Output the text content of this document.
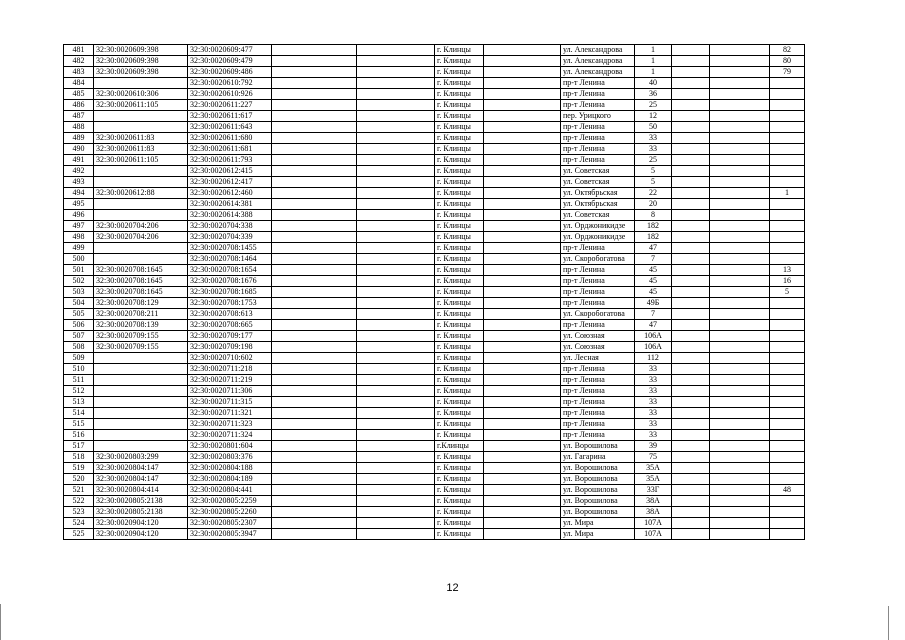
481	32:30:0020609:398	32:30:0020609:477			г. Клинцы		ул. Александрова	1			82
482	32:30:0020609:398	32:30:0020609:479			г. Клинцы		ул. Александрова	1			80
483	32:30:0020609:398	32:30:0020609:486			г. Клинцы		ул. Александрова	1			79
484		32:30:0020610:792			г. Клинцы		пр-т Ленина	40			
485	32:30:0020610:306	32:30:0020610:926			г. Клинцы		пр-т Ленина	36			
486	32:30:0020611:105	32:30:0020611:227			г. Клинцы		пр-т Ленина	25			
487		32:30:0020611:617			г. Клинцы		пер. Урицкого	12			
488		32:30:0020611:643			г. Клинцы		пр-т Ленина	50			
489	32:30:0020611:83	32:30:0020611:680			г. Клинцы		пр-т Ленина	33			
490	32:30:0020611:83	32:30:0020611:681			г. Клинцы		пр-т Ленина	33			
491	32:30:0020611:105	32:30:0020611:793			г. Клинцы		пр-т Ленина	25			
492		32:30:0020612:415			г. Клинцы		ул. Советская	5			
493		32:30:0020612:417			г. Клинцы		ул. Советская	5			
494	32:30:0020612:88	32:30:0020612:460			г. Клинцы		ул. Октябрьская	22			1
495		32:30:0020614:381			г. Клинцы		ул. Октябрьская	20			
496		32:30:0020614:388			г. Клинцы		ул. Советская	8			
497	32:30:0020704:206	32:30:0020704:338			г. Клинцы		ул. Орджоникидзе	182			
498	32:30:0020704:206	32:30:0020704:339			г. Клинцы		ул. Орджоникидзе	182			
499		32:30:0020708:1455			г. Клинцы		пр-т Ленина	47			
500		32:30:0020708:1464			г. Клинцы		ул. Скоробогатова	7			
501	32:30:0020708:1645	32:30:0020708:1654			г. Клинцы		пр-т Ленина	45			13
502	32:30:0020708:1645	32:30:0020708:1676			г. Клинцы		пр-т Ленина	45			16
503	32:30:0020708:1645	32:30:0020708:1685			г. Клинцы		пр-т Ленина	45			5
504	32:30:0020708:129	32:30:0020708:1753			г. Клинцы		пр-т Ленина	49Б			
505	32:30:0020708:211	32:30:0020708:613			г. Клинцы		ул. Скоробогатова	7			
506	32:30:0020708:139	32:30:0020708:665			г. Клинцы		пр-т Ленина	47			
507	32:30:0020709:155	32:30:0020709:177			г. Клинцы		ул. Союзная	106А			
508	32:30:0020709:155	32:30:0020709:198			г. Клинцы		ул. Союзная	106А			
509		32:30:0020710:602			г. Клинцы		ул. Лесная	112			
510		32:30:0020711:218			г. Клинцы		пр-т Ленина	33			
511		32:30:0020711:219			г. Клинцы		пр-т Ленина	33			
512		32:30:0020711:306			г. Клинцы		пр-т Ленина	33			
513		32:30:0020711:315			г. Клинцы		пр-т Ленина	33			
514		32:30:0020711:321			г. Клинцы		пр-т Ленина	33			
515		32:30:0020711:323			г. Клинцы		пр-т Ленина	33			
516		32:30:0020711:324			г. Клинцы		пр-т Ленина	33			
517		32:30:0020801:604			г.Клинцы		ул. Ворошилова	39			
518	32:30:0020803:299	32:30:0020803:376			г. Клинцы		ул. Гагарина	75			
519	32:30:0020804:147	32:30:0020804:188			г. Клинцы		ул. Ворошилова	35А			
520	32:30:0020804:147	32:30:0020804:189			г. Клинцы		ул. Ворошилова	35А			
521	32:30:0020804:414	32:30:0020804:441			г. Клинцы		ул. Ворошилова	33Г			48
522	32:30:0020805:2138	32:30:0020805:2259			г. Клинцы		ул. Ворошилова	38А			
523	32:30:0020805:2138	32:30:0020805:2260			г. Клинцы		ул. Ворошилова	38А			
524	32:30:0020904:120	32:30:0020805:2307			г. Клинцы		ул. Мира	107А			
525	32:30:0020904:120	32:30:0020805:3947			г. Клинцы		ул. Мира	107А			
12
